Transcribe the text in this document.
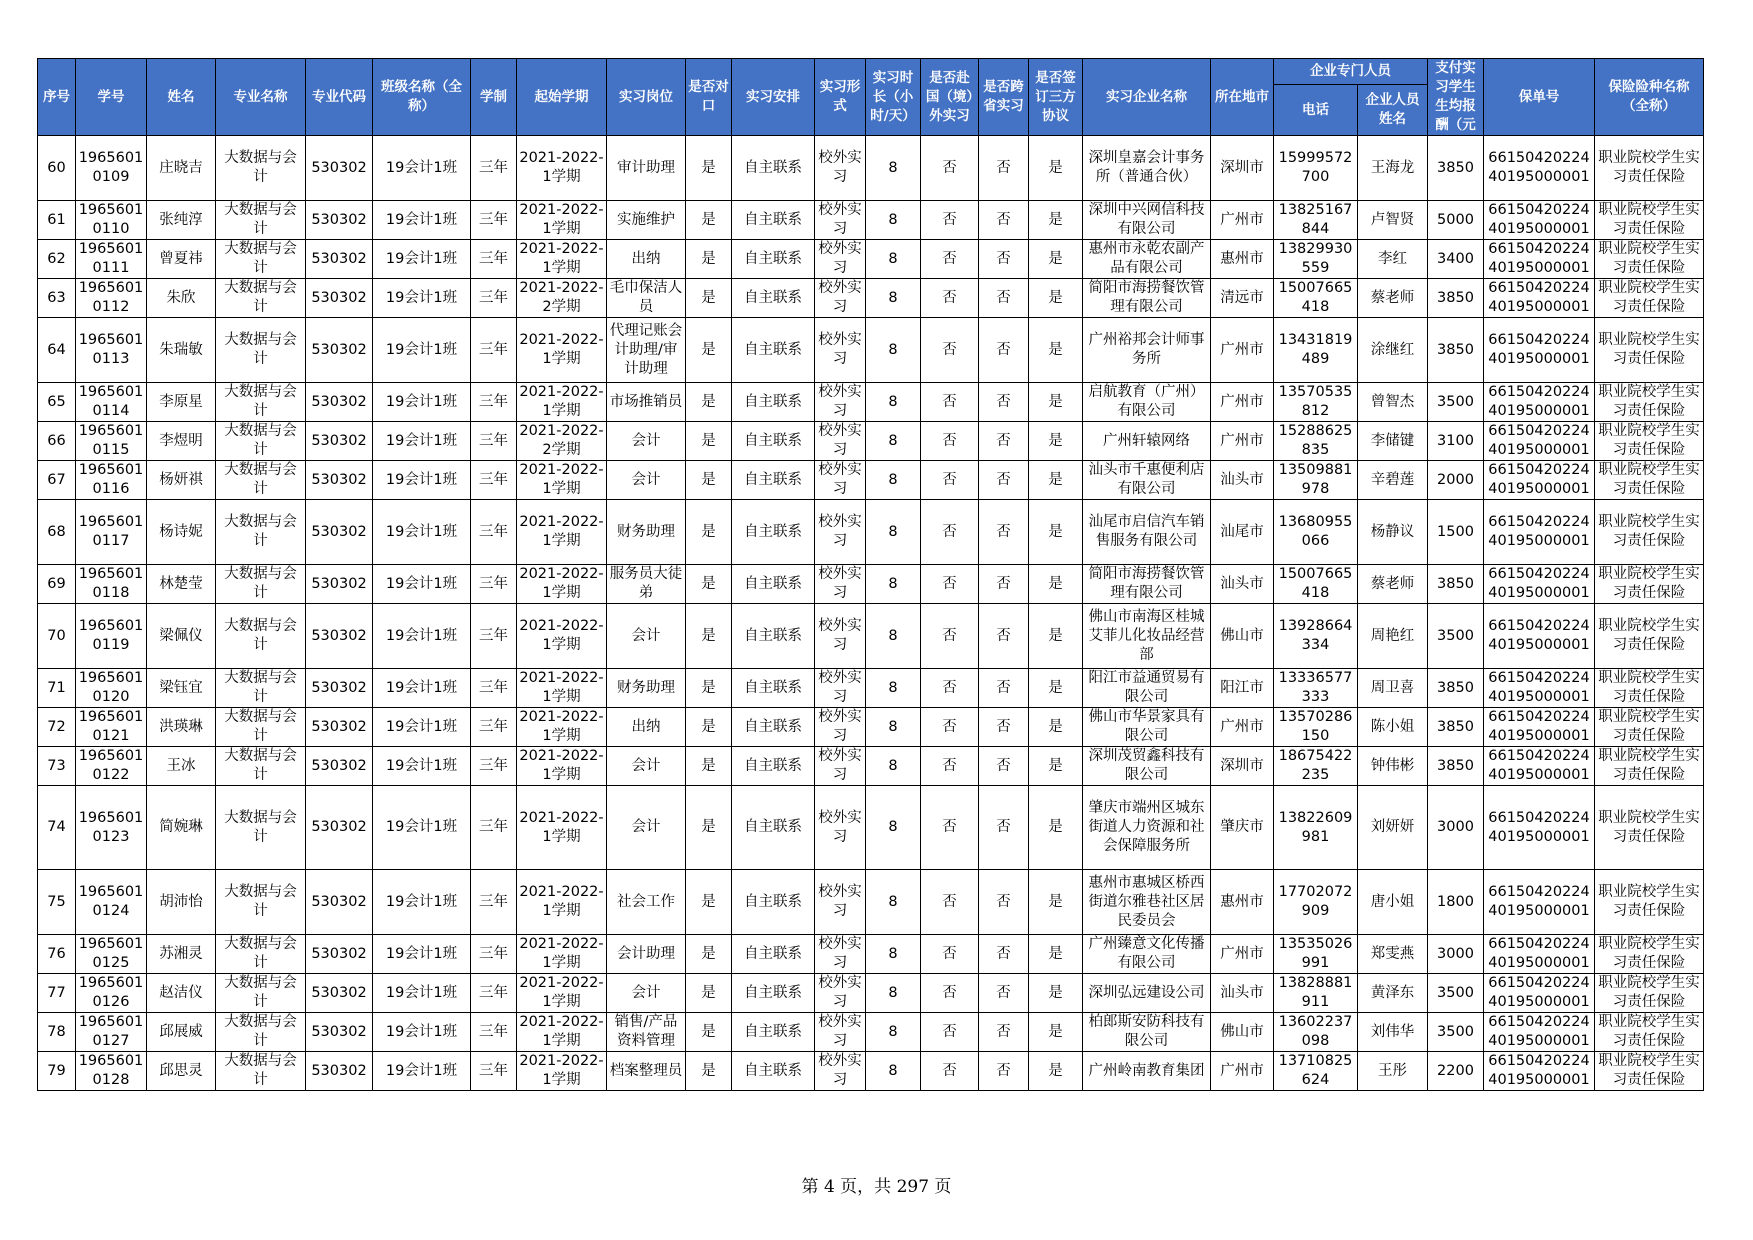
序号	学号	姓名	专业名称	专业代码	班级名称（全称）	学制	起始学期	实习岗位	是否对口	实习安排	实习形式	实习时长（小时/天）	是否赴国（境）外实习	是否跨省实习	是否签订三方协议	实习企业名称	所在地市	企业专门人员		支付实习学生生均报酬（元	保单号	保险险种名称（全称）
																		电话	企业人员姓名			

60	19656010109	庄晓吉	大数据与会计	530302	19会计1班	三年	2021-2022-1学期	审计助理	是	自主联系	校外实习	8	否	否	是	深圳皇嘉会计事务所（普通合伙）	深圳市	15999572700	王海龙	3850	6615042022440195000001	职业院校学生实习责任保险

61	19656010110	张纯淳	大数据与会计	530302	19会计1班	三年	2021-2022-1学期	实施维护	是	自主联系	校外实习	8	否	否	是	深圳中兴网信科技有限公司	广州市	13825167844	卢智贤	5000	6615042022440195000001	职业院校学生实习责任保险

62	19656010111	曾夏祎	大数据与会计	530302	19会计1班	三年	2021-2022-1学期	出纳	是	自主联系	校外实习	8	否	否	是	惠州市永乾农副产品有限公司	惠州市	13829930559	李红	3400	6615042022440195000001	职业院校学生实习责任保险

63	19656010112	朱欣	大数据与会计	530302	19会计1班	三年	2021-2022-2学期	毛巾保洁人员	是	自主联系	校外实习	8	否	否	是	简阳市海捞餐饮管理有限公司	清远市	15007665418	蔡老师	3850	6615042022440195000001	职业院校学生实习责任保险

64	19656010113	朱瑞敏	大数据与会计	530302	19会计1班	三年	2021-2022-1学期	代理记账会计助理/审计助理	是	自主联系	校外实习	8	否	否	是	广州裕邦会计师事务所	广州市	13431819489	涂继红	3850	6615042022440195000001	职业院校学生实习责任保险

65	19656010114	李原星	大数据与会计	530302	19会计1班	三年	2021-2022-1学期	市场推销员	是	自主联系	校外实习	8	否	否	是	启航教育（广州）有限公司	广州市	13570535812	曾智杰	3500	6615042022440195000001	职业院校学生实习责任保险

66	19656010115	李煜明	大数据与会计	530302	19会计1班	三年	2021-2022-2学期	会计	是	自主联系	校外实习	8	否	否	是	广州轩辕网络	广州市	15288625835	李储键	3100	6615042022440195000001	职业院校学生实习责任保险

67	19656010116	杨妍祺	大数据与会计	530302	19会计1班	三年	2021-2022-1学期	会计	是	自主联系	校外实习	8	否	否	是	汕头市千惠便利店有限公司	汕头市	13509881978	辛碧莲	2000	6615042022440195000001	职业院校学生实习责任保险

68	19656010117	杨诗妮	大数据与会计	530302	19会计1班	三年	2021-2022-1学期	财务助理	是	自主联系	校外实习	8	否	否	是	汕尾市启信汽车销售服务有限公司	汕尾市	13680955066	杨静议	1500	6615042022440195000001	职业院校学生实习责任保险

69	19656010118	林楚莹	大数据与会计	530302	19会计1班	三年	2021-2022-1学期	服务员大徒弟	是	自主联系	校外实习	8	否	否	是	简阳市海捞餐饮管理有限公司	汕头市	15007665418	蔡老师	3850	6615042022440195000001	职业院校学生实习责任保险

70	19656010119	梁佩仪	大数据与会计	530302	19会计1班	三年	2021-2022-1学期	会计	是	自主联系	校外实习	8	否	否	是	佛山市南海区桂城艾菲儿化妆品经营部	佛山市	13928664334	周艳红	3500	6615042022440195000001	职业院校学生实习责任保险

71	19656010120	梁钰宜	大数据与会计	530302	19会计1班	三年	2021-2022-1学期	财务助理	是	自主联系	校外实习	8	否	否	是	阳江市益通贸易有限公司	阳江市	13336577333	周卫喜	3850	6615042022440195000001	职业院校学生实习责任保险

72	19656010121	洪瑛琳	大数据与会计	530302	19会计1班	三年	2021-2022-1学期	出纳	是	自主联系	校外实习	8	否	否	是	佛山市华景家具有限公司	广州市	13570286150	陈小姐	3850	6615042022440195000001	职业院校学生实习责任保险

73	19656010122	王冰	大数据与会计	530302	19会计1班	三年	2021-2022-1学期	会计	是	自主联系	校外实习	8	否	否	是	深圳茂贸鑫科技有限公司	深圳市	18675422235	钟伟彬	3850	6615042022440195000001	职业院校学生实习责任保险

74	19656010123	简婉琳	大数据与会计	530302	19会计1班	三年	2021-2022-1学期	会计	是	自主联系	校外实习	8	否	否	是	肇庆市端州区城东街道人力资源和社会保障服务所	肇庆市	13822609981	刘妍妍	3000	6615042022440195000001	职业院校学生实习责任保险

75	19656010124	胡沛怡	大数据与会计	530302	19会计1班	三年	2021-2022-1学期	社会工作	是	自主联系	校外实习	8	否	否	是	惠州市惠城区桥西街道尔雅巷社区居民委员会	惠州市	17702072909	唐小姐	1800	6615042022440195000001	职业院校学生实习责任保险

76	19656010125	苏湘灵	大数据与会计	530302	19会计1班	三年	2021-2022-1学期	会计助理	是	自主联系	校外实习	8	否	否	是	广州臻意文化传播有限公司	广州市	13535026991	郑雯燕	3000	6615042022440195000001	职业院校学生实习责任保险

77	19656010126	赵洁仪	大数据与会计	530302	19会计1班	三年	2021-2022-1学期	会计	是	自主联系	校外实习	8	否	否	是	深圳弘远建设公司	汕头市	13828881911	黄泽东	3500	6615042022440195000001	职业院校学生实习责任保险

78	19656010127	邱展威	大数据与会计	530302	19会计1班	三年	2021-2022-1学期	销售/产品资料管理	是	自主联系	校外实习	8	否	否	是	柏郎斯安防科技有限公司	佛山市	13602237098	刘伟华	3500	6615042022440195000001	职业院校学生实习责任保险

79	19656010128	邱思灵	大数据与会计	530302	19会计1班	三年	2021-2022-1学期	档案整理员	是	自主联系	校外实习	8	否	否	是	广州岭南教育集团	广州市	13710825624	王彤	2200	6615042022440195000001	职业院校学生实习责任保险
第 4 页，共 297 页
